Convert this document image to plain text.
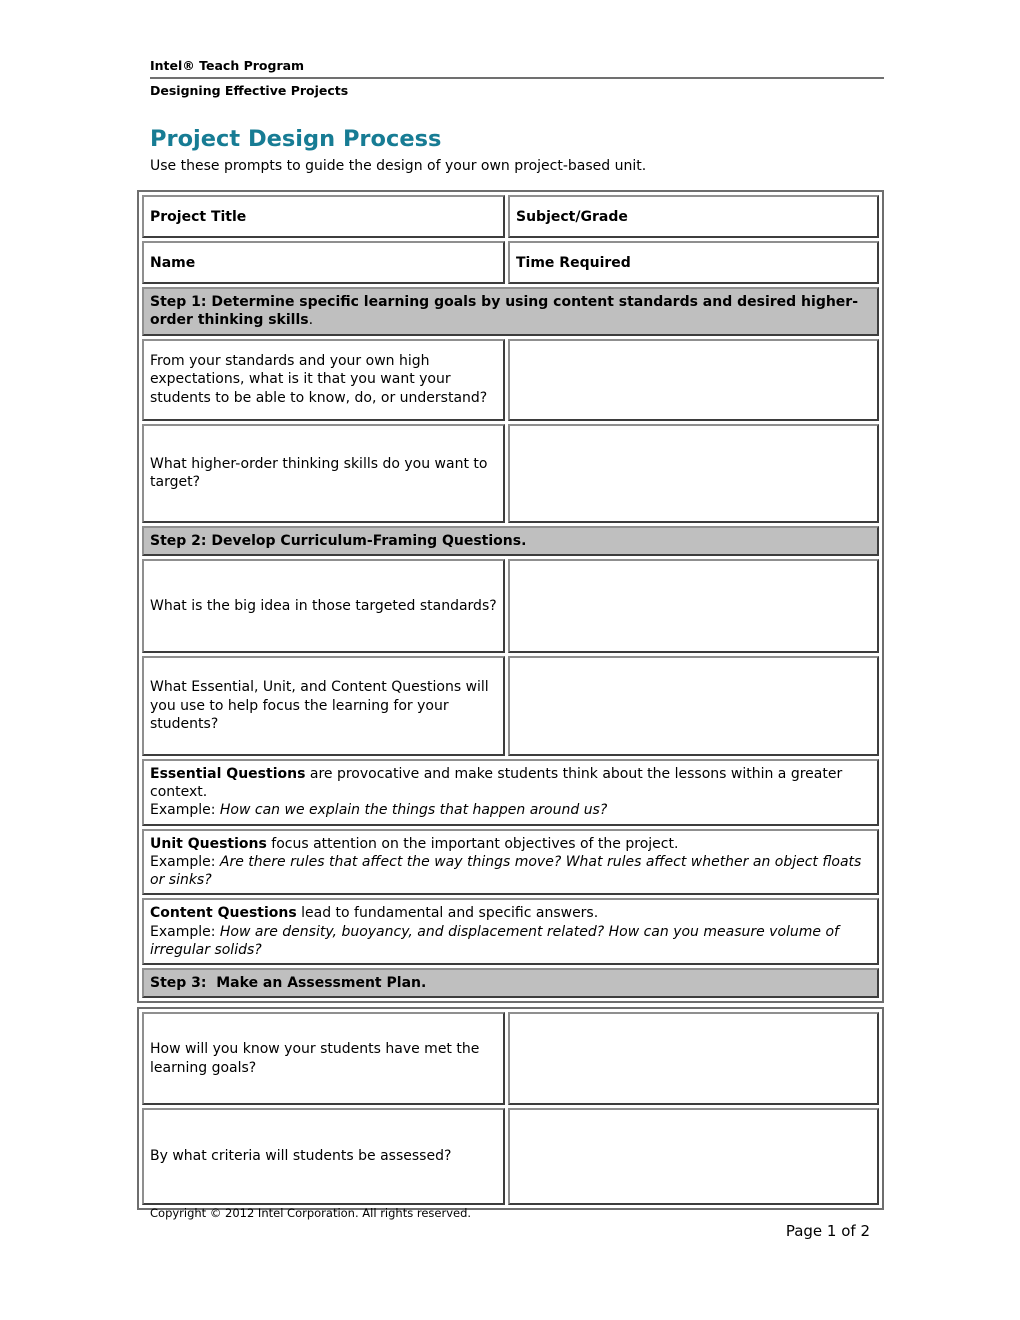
Intel® Teach Program
Designing Effective Projects
Project Design Process

Use these prompts to guide the design of your own project-based unit.

Project Title	Subject/Grade
Name	Time Required
Step 1: Determine specific learning goals by using content standards and desired higher-order thinking skills.	
From your standards and your own high expectations, what is it that you want your students to be able to know, do, or understand?	
What higher-order thinking skills do you want to target?	
Step 2: Develop Curriculum-Framing Questions.	
What is the big idea in those targeted standards?	
What Essential, Unit, and Content Questions will you use to help focus the learning for your students?	
Essential Questions are provocative and make students think about the lessons within a greater context.
Example: How can we explain the things that happen around us?	

Unit Questions focus attention on the important objectives of the project.
Example: Are there rules that affect the way things move? What rules affect whether an object floats or sinks?	

Content Questions lead to fundamental and specific answers.
Example: How are density, buoyancy, and displacement related? How can you measure volume of irregular solids?	

Step 3:  Make an Assessment Plan.	
How will you know your students have met the learning goals?	
By what criteria will students be assessed?	
Copyright © 2012 Intel Corporation. All rights reserved.
Page 1 of 2
